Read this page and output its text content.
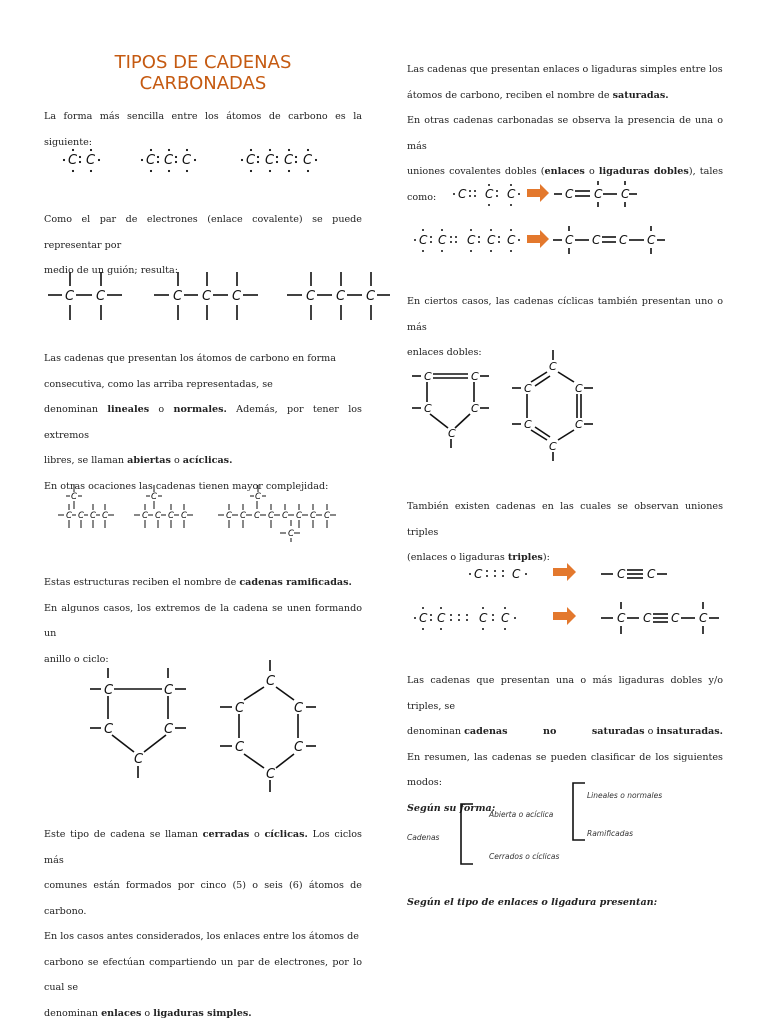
TIPOS DE CADENAS
CARBONADAS
La forma más sencilla entre los átomos de carbono es la siguiente:
C C	C C C	C C C C
Como el par de electrones (enlace covalente) se puede representar por
medio de un guión; resulta:
C C	C C C	C C C
Las cadenas que presentan los átomos de carbono en forma
consecutiva, como las arriba representadas, se
denominan lineales o normales. Además, por tener los extremos
libres, se llaman abiertas o acíclicas.
En otras ocaciones las cadenas tienen mayor complejidad:
C
C C C C
C
C C C C
C
C C C C C C C C
C
Estas estructuras reciben el nombre de cadenas ramificadas.
En algunos casos, los extremos de la cadena se unen formando un
anillo o ciclo:
C	C
C	C
C
C
C	C
C	C
C
Este tipo de cadena se llaman cerradas o cíclicas. Los ciclos más
comunes están formados por cinco (5) o seis (6) átomos de carbono.
En los casos antes considerados, los enlaces entre los átomos de
carbono se efectúan compartiendo un par de electrones, por lo cual se
denominan enlaces o ligaduras simples.
Las cadenas que presentan enlaces o ligaduras simples entre los
átomos de carbono, reciben el nombre de saturadas.
En otras cadenas carbonadas se observa la presencia de una o más
uniones covalentes dobles (enlaces o ligaduras dobles), tales como:	C C C	C C C
C C C C C	C C C C
En ciertos casos, las cadenas cíclicas también presentan uno o más
enlaces dobles:
C	C
C	C
C
C
C	C
C	C
C
También existen cadenas en las cuales se observan uniones triples
(enlaces o ligaduras triples):
C C	C C
C C	C C	C C C C
Las cadenas que presentan una o más ligaduras dobles y/o triples, se
denominan cadenas	no	saturadas o insaturadas.
En resumen, las cadenas se pueden clasificar de los siguientes modos:
Según su forma:
Cadenas
Abierta o acíclica
Cerrados o cíclicas
Lineales o normales
Ramificadas
Según el tipo de enlaces o ligadura presentan:
